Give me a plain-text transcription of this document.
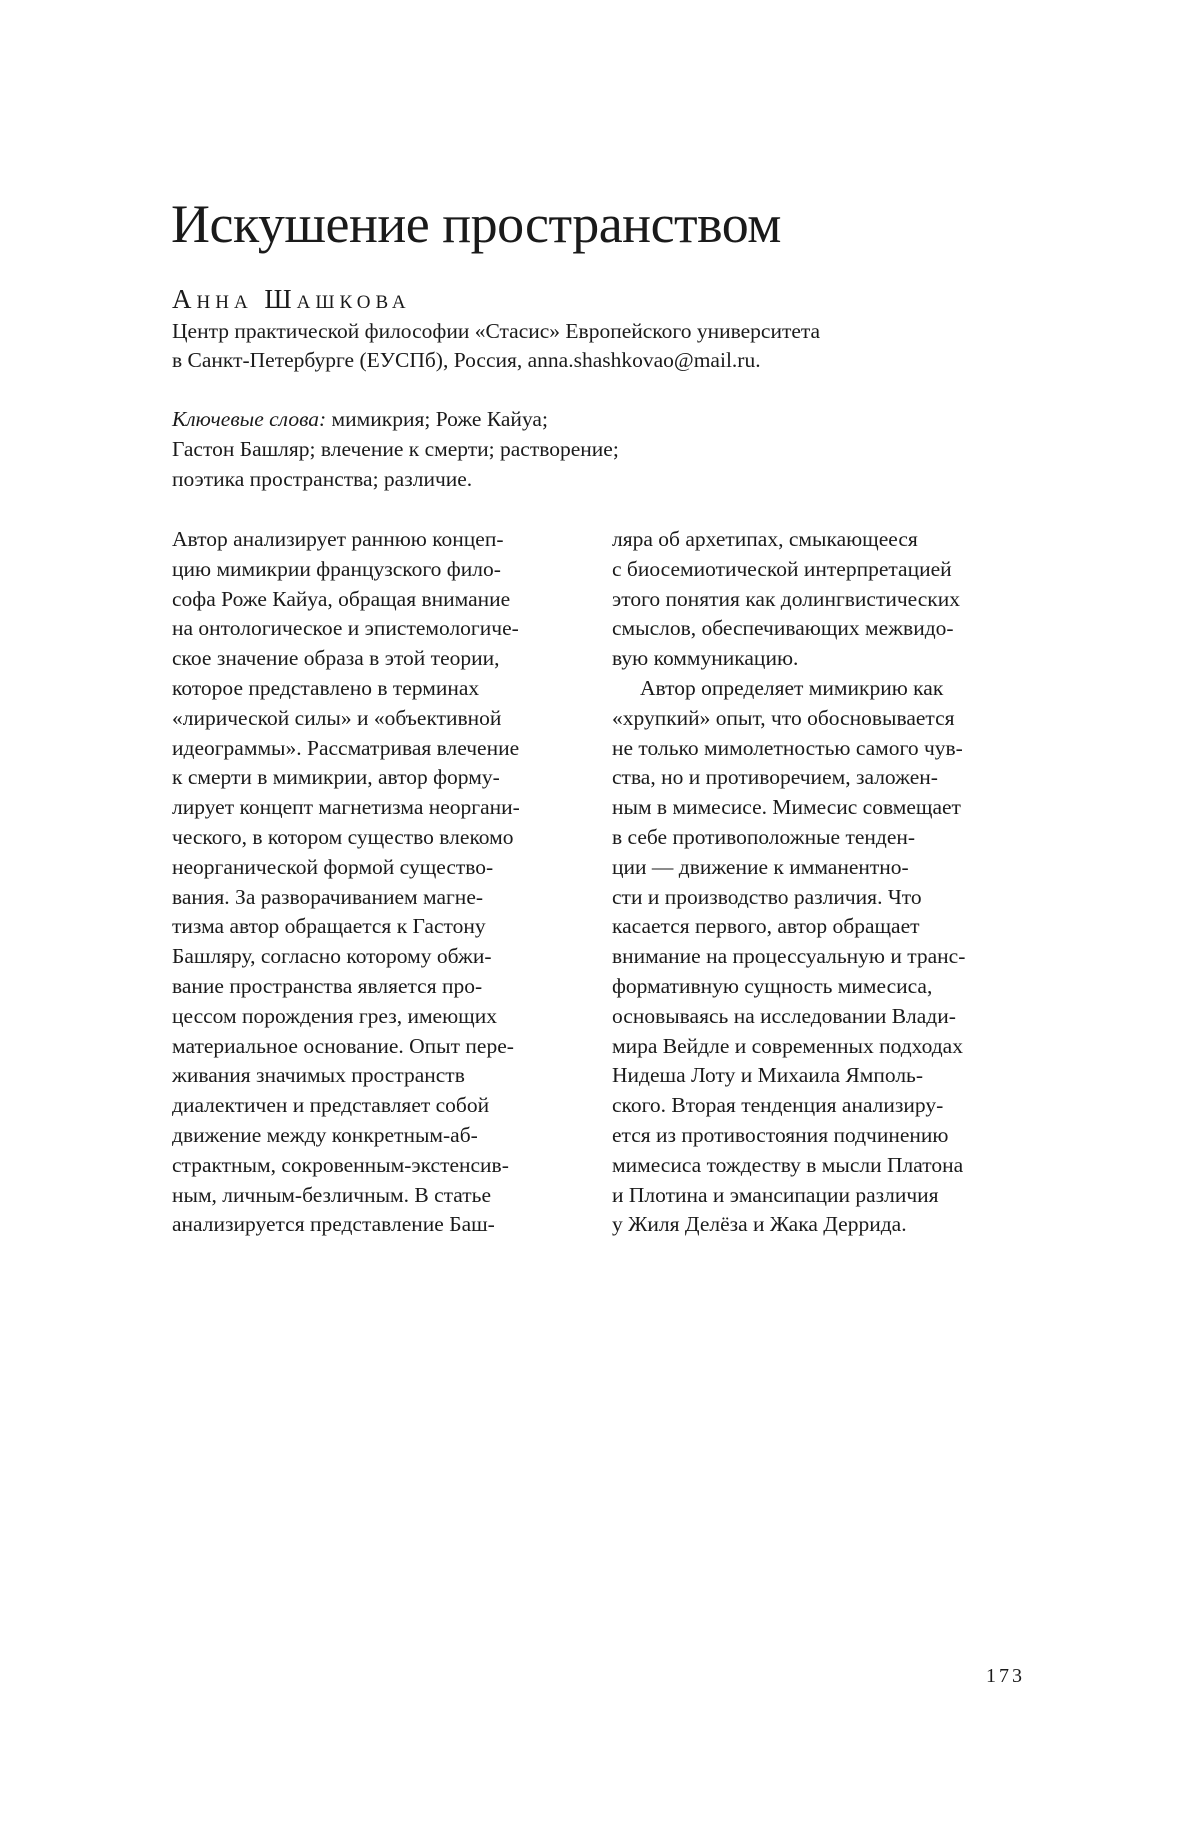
Искушение пространством
Анна Шашкова
Центр практической философии «Стасис» Европейского университета
в Санкт-Петербурге (ЕУСПб), Россия, anna.shashkovao@mail.ru.
Ключевые слова: мимикрия; Роже Кайуа;
Гастон Башляр; влечение к смерти; растворение;
поэтика пространства; различие.
Автор анализирует раннюю концеп-
цию мимикрии французского фило-
софа Роже Кайуа, обращая внимание
на онтологическое и эпистемологиче-
ское значение образа в этой теории,
которое представлено в терминах
«лирической силы» и «объективной
идеограммы». Рассматривая влечение
к смерти в мимикрии, автор форму-
лирует концепт магнетизма неоргани-
ческого, в котором существо влекомо
неорганической формой существо-
вания. За разворачиванием магне-
тизма автор обращается к Гастону
Башляру, согласно которому обжи-
вание пространства является про-
цессом порождения грез, имеющих
материальное основание. Опыт пере-
живания значимых пространств
диалектичен и представляет собой
движение между конкретным-аб-
страктным, сокровенным-экстенсив-
ным, личным-безличным. В статье
анализируется представление Баш-
ляра об архетипах, смыкающееся
с биосемиотической интерпретацией
этого понятия как долингвистических
смыслов, обеспечивающих межвидо-
вую коммуникацию.
Автор определяет мимикрию как
«хрупкий» опыт, что обосновывается
не только мимолетностью самого чув-
ства, но и противоречием, заложен-
ным в мимесисе. Мимесис совмещает
в себе противоположные тенден-
ции — движение к имманентно-
сти и производство различия. Что
касается первого, автор обращает
внимание на процессуальную и транс-
формативную сущность мимесиса,
основываясь на исследовании Влади-
мира Вейдле и современных подходах
Нидеша Лоту и Михаила Ямполь-
ского. Вторая тенденция анализиру-
ется из противостояния подчинению
мимесиса тождеству в мысли Платона
и Плотина и эмансипации различия
у Жиля Делёза и Жака Деррида.
173
